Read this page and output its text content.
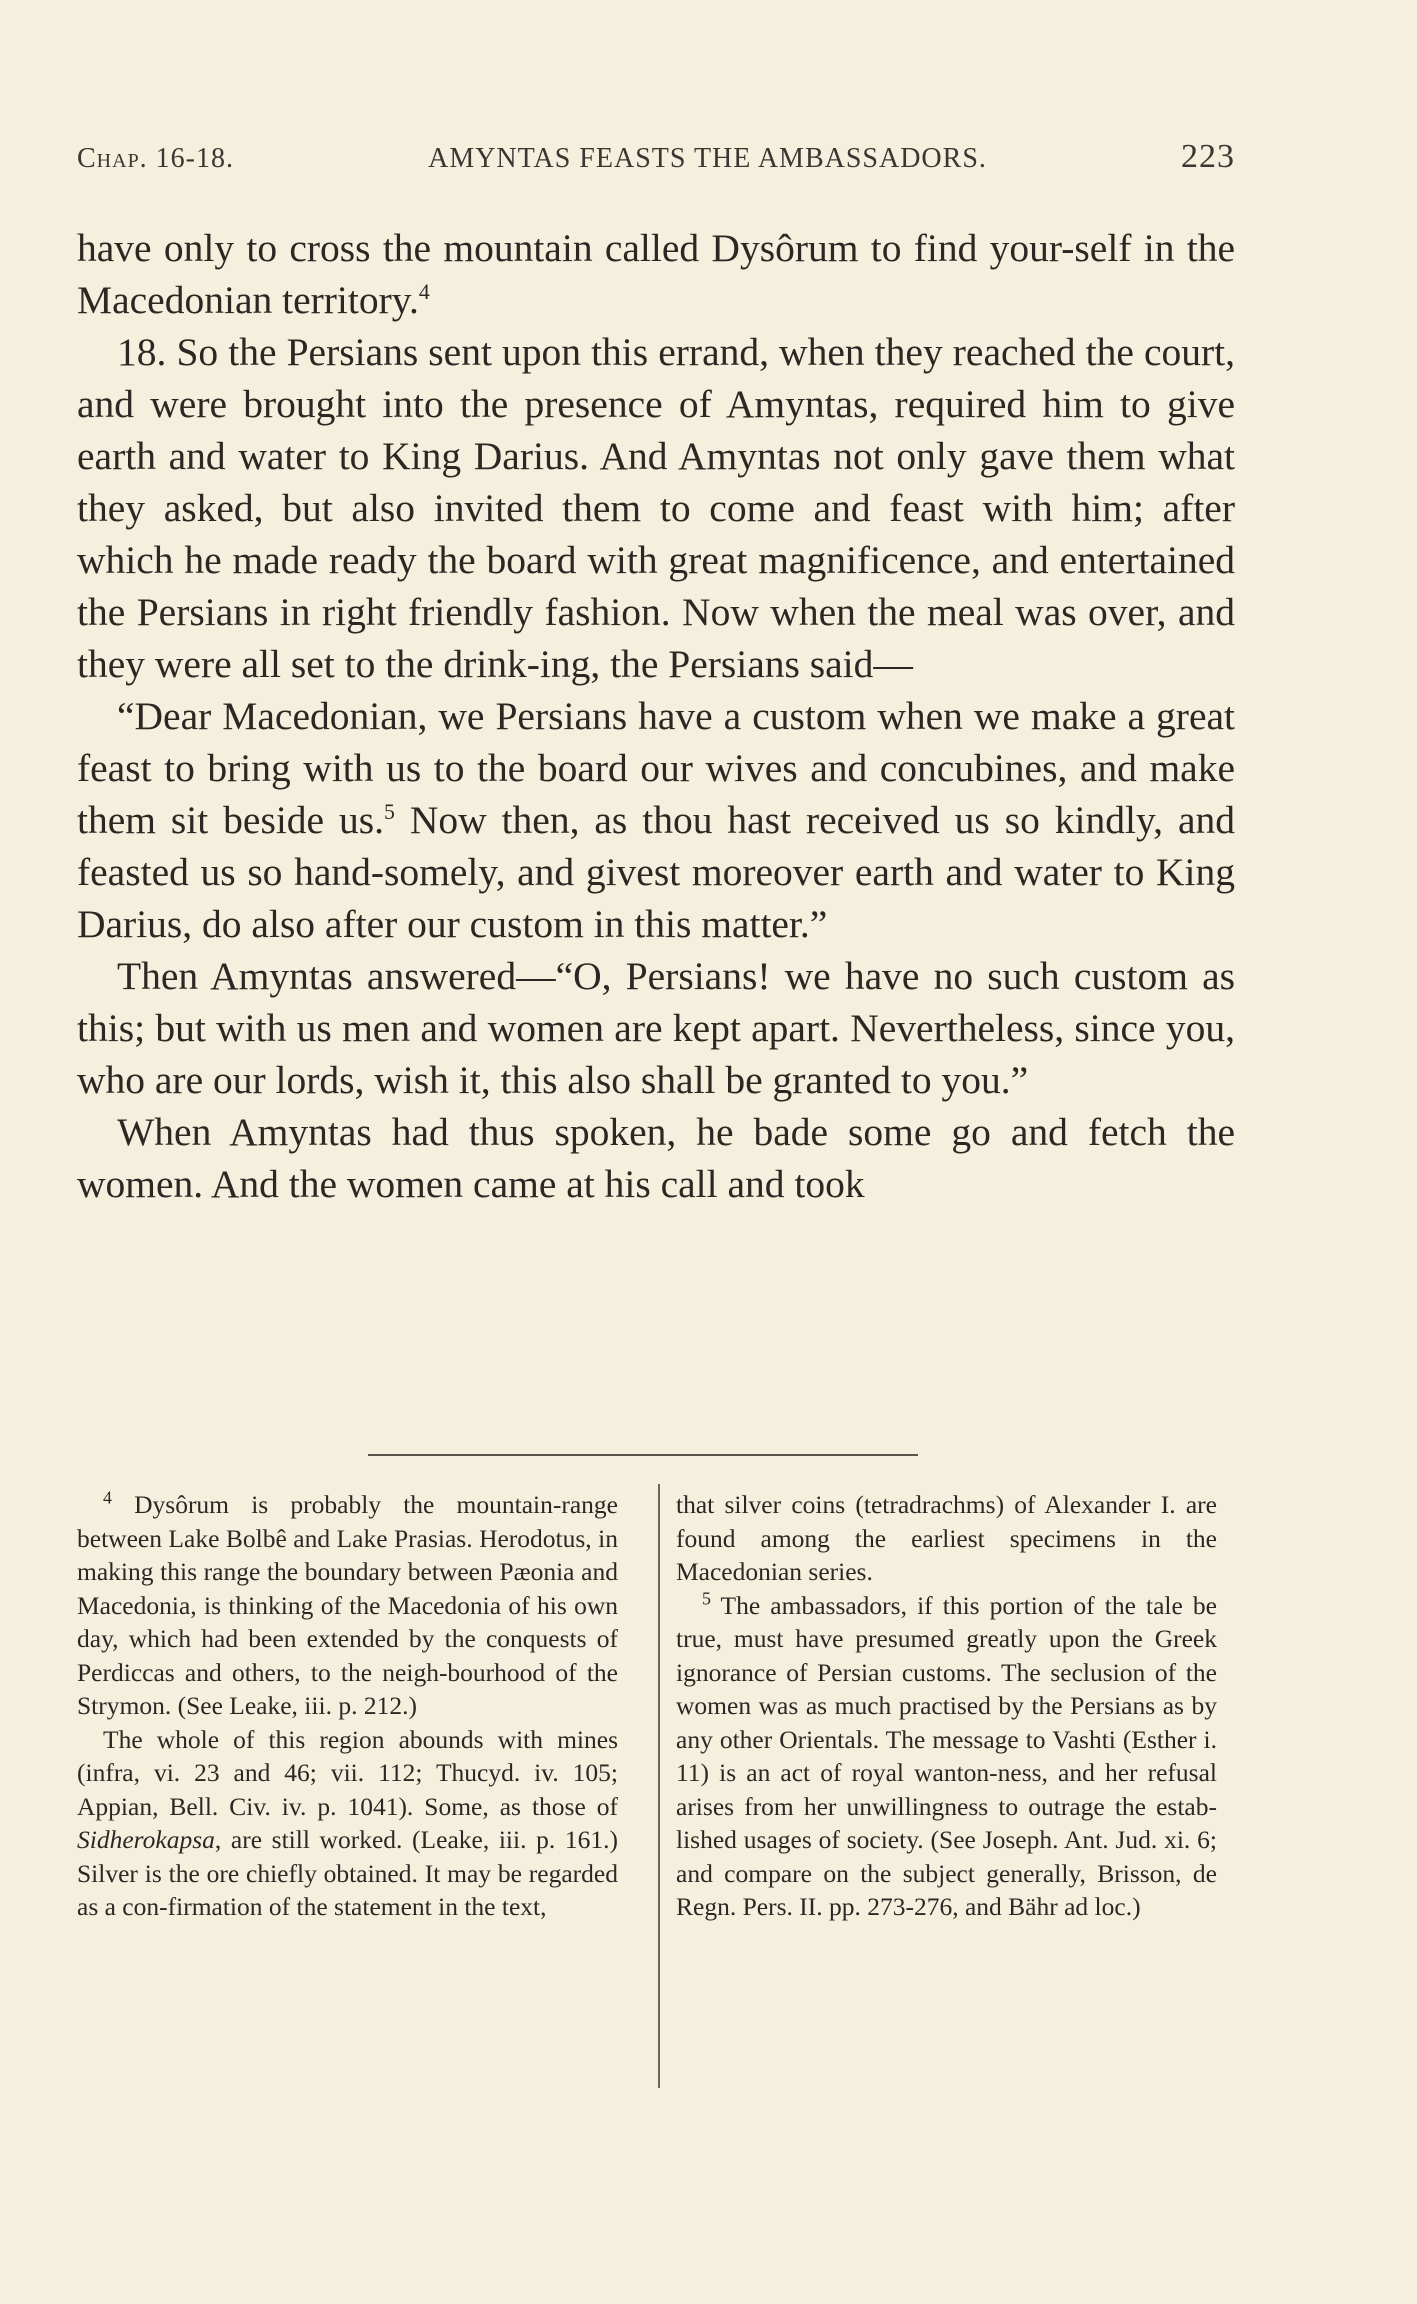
Chap. 16-18.	AMYNTAS FEASTS THE AMBASSADORS.	223

have only to cross the mountain called Dysôrum to find your-self in the Macedonian territory.$^4$

18. So the Persians sent upon this errand, when they reached the court, and were brought into the presence of Amyntas, required him to give earth and water to King Darius. And Amyntas not only gave them what they asked, but also invited them to come and feast with him; after which he made ready the board with great magnificence, and entertained the Persians in right friendly fashion. Now when the meal was over, and they were all set to the drink-ing, the Persians said—

“Dear Macedonian, we Persians have a custom when we make a great feast to bring with us to the board our wives and concubines, and make them sit beside us.$^5$ Now then, as thou hast received us so kindly, and feasted us so hand-somely, and givest moreover earth and water to King Darius, do also after our custom in this matter.”

Then Amyntas answered—“O, Persians! we have no such custom as this; but with us men and women are kept apart. Nevertheless, since you, who are our lords, wish it, this also shall be granted to you.”

When Amyntas had thus spoken, he bade some go and fetch the women. And the women came at his call and took

$^4$ Dysôrum is probably the mountain-range between Lake Bolbê and Lake Prasias. Herodotus, in making this range the boundary between Pæonia and Macedonia, is thinking of the Macedonia of his own day, which had been extended by the conquests of Perdiccas and others, to the neigh-bourhood of the Strymon. (See Leake, iii. p. 212.)

The whole of this region abounds with mines (infra, vi. 23 and 46; vii. 112; Thucyd. iv. 105; Appian, Bell. Civ. iv. p. 1041). Some, as those of Sidherokapsa, are still worked. (Leake, iii. p. 161.) Silver is the ore chiefly obtained. It may be regarded as a con-firmation of the statement in the text,

that silver coins (tetradrachms) of Alexander I. are found among the earliest specimens in the Macedonian series.

$^5$ The ambassadors, if this portion of the tale be true, must have presumed greatly upon the Greek ignorance of Persian customs. The seclusion of the women was as much practised by the Persians as by any other Orientals. The message to Vashti (Esther i. 11) is an act of royal wanton-ness, and her refusal arises from her unwillingness to outrage the estab-lished usages of society. (See Joseph. Ant. Jud. xi. 6; and compare on the subject generally, Brisson, de Regn. Pers. II. pp. 273-276, and Bähr ad loc.)
